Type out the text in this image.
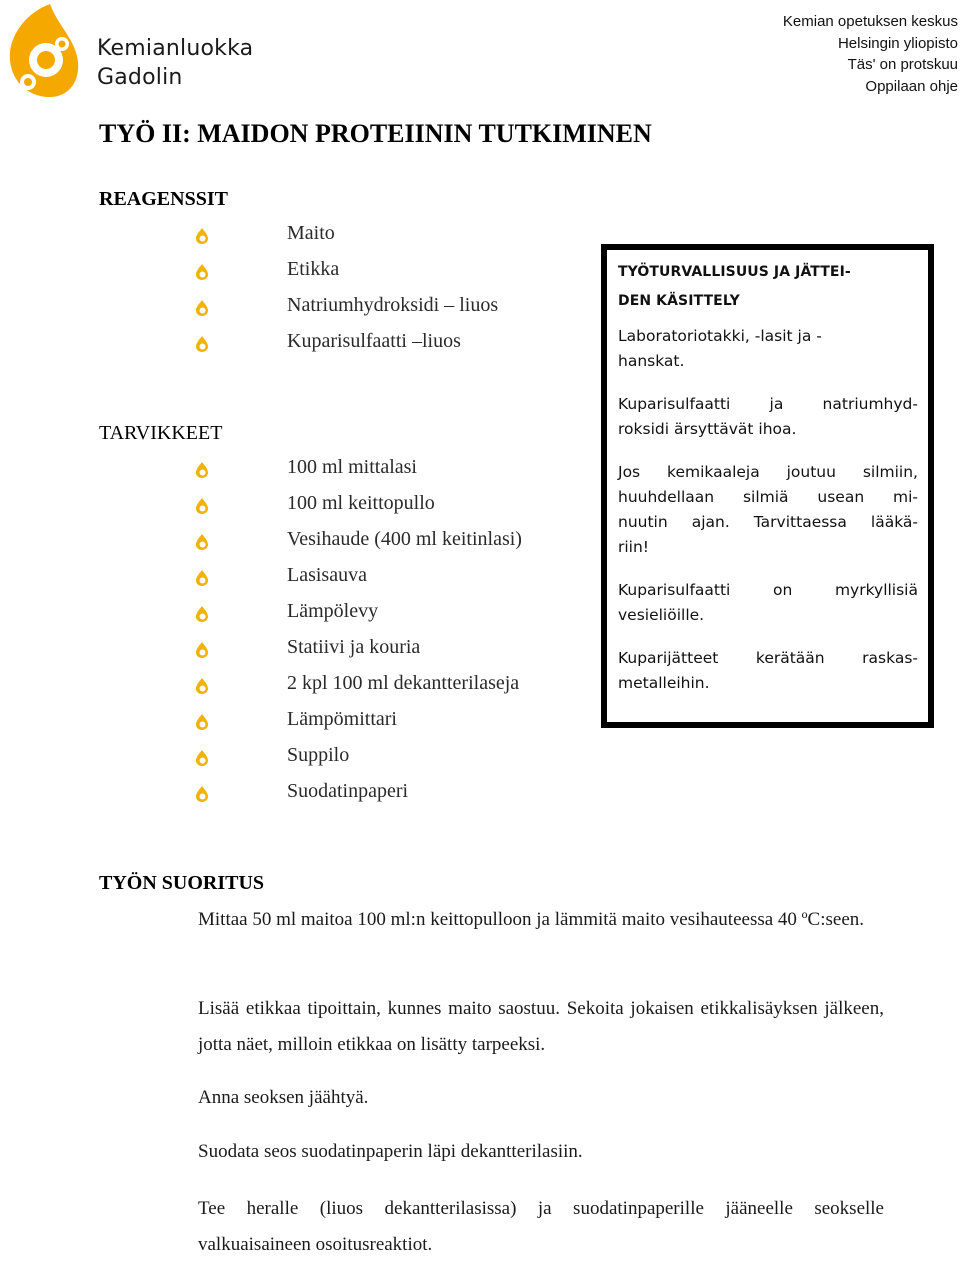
Kemianluokka
Gadolin
Kemian opetuksen keskus
Helsingin yliopisto
Täs' on protskuu
Oppilaan ohje
TYÖ II: MAIDON PROTEIININ TUTKIMINEN
REAGENSSIT
Maito
Etikka
Natriumhydroksidi – liuos
Kuparisulfaatti –liuos
TARVIKKEET
100 ml mittalasi
100 ml keittopullo
Vesihaude (400 ml keitinlasi)
Lasisauva
Lämpölevy
Statiivi ja kouria
2 kpl 100 ml dekantterilaseja
Lämpömittari
Suppilo
Suodatinpaperi
TYÖTURVALLISUUS JA JÄTTEI-
DEN KÄSITTELY

Laboratoriotakki, -lasit ja -
hanskat.

Kuparisulfaatti ja natriumhyd-
roksidi ärsyttävät ihoa.

Jos kemikaaleja joutuu silmiin,
huuhdellaan silmiä usean mi-
nuutin ajan. Tarvittaessa lääkä-
riin!

Kuparisulfaatti on myrkyllisiä
vesieliöille.

Kuparijätteet kerätään raskas-
metalleihin.

TYÖN SUORITUS

Mittaa 50 ml maitoa 100 ml:n keittopulloon ja lämmitä maito vesihauteessa 40 ºC:seen.

Lisää etikkaa tipoittain, kunnes maito saostuu. Sekoita jokaisen etikkalisäyksen jälkeen, jotta näet, milloin etikkaa on lisätty tarpeeksi.

Anna seoksen jäähtyä.

Suodata seos suodatinpaperin läpi dekantterilasiin.

Tee heralle (liuos dekantterilasissa) ja suodatinpaperille jääneelle seokselle valkuaisaineen osoitusreaktiot.
